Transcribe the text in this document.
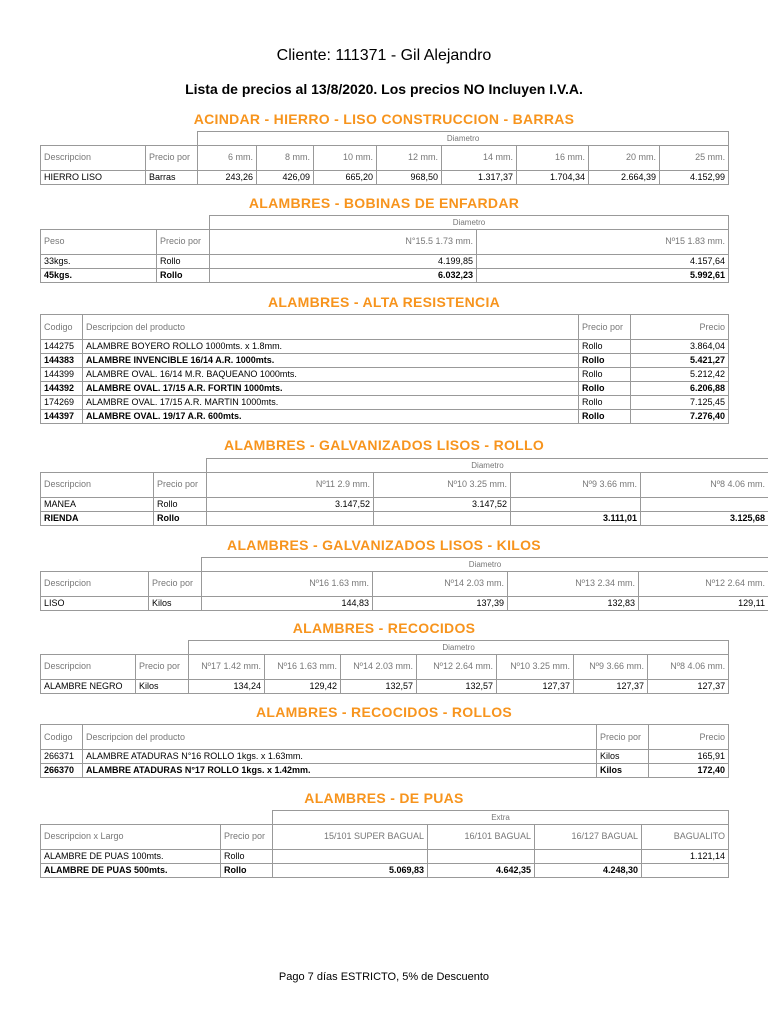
Cliente: 111371 - Gil Alejandro
Lista de precios al 13/8/2020. Los precios NO Incluyen I.V.A.
ACINDAR - HIERRO - LISO CONSTRUCCION - BARRAS
		Diametro							
Descripcion	Precio por	6 mm.	8 mm.	10 mm.	12 mm.	14 mm.	16 mm.	20 mm.	25 mm.
HIERRO LISO	Barras	243,26	426,09	665,20	968,50	1.317,37	1.704,34	2.664,39	4.152,99
ALAMBRES - BOBINAS DE ENFARDAR
		Diametro	
Peso	Precio por	N°15.5 1.73 mm.	Nº15 1.83 mm.
33kgs.	Rollo	4.199,85	4.157,64
45kgs.	Rollo	6.032,23	5.992,61
ALAMBRES - ALTA RESISTENCIA
Codigo	Descripcion del producto	Precio por	Precio
144275	ALAMBRE BOYERO ROLLO 1000mts. x 1.8mm.	Rollo	3.864,04
144383	ALAMBRE INVENCIBLE 16/14 A.R. 1000mts.	Rollo	5.421,27
144399	ALAMBRE OVAL. 16/14 M.R. BAQUEANO 1000mts.	Rollo	5.212,42
144392	ALAMBRE OVAL. 17/15 A.R. FORTIN 1000mts.	Rollo	6.206,88
174269	ALAMBRE OVAL. 17/15 A.R. MARTIN 1000mts.	Rollo	7.125,45
144397	ALAMBRE OVAL. 19/17 A.R. 600mts.	Rollo	7.276,40
ALAMBRES - GALVANIZADOS LISOS - ROLLO
		Diametro			
Descripcion	Precio por	Nº11 2.9 mm.	Nº10 3.25 mm.	Nº9 3.66 mm.	Nº8 4.06 mm.
MANEA	Rollo	3.147,52	3.147,52		
RIENDA	Rollo			3.111,01	3.125,68
ALAMBRES - GALVANIZADOS LISOS - KILOS
		Diametro			
Descripcion	Precio por	Nº16 1.63 mm.	Nº14 2.03 mm.	Nº13 2.34 mm.	Nº12 2.64 mm.
LISO	Kilos	144,83	137,39	132,83	129,11
ALAMBRES - RECOCIDOS
		Diametro						
Descripcion	Precio por	Nº17 1.42 mm.	Nº16 1.63 mm.	Nº14 2.03 mm.	Nº12 2.64 mm.	Nº10 3.25 mm.	Nº9 3.66 mm.	Nº8 4.06 mm.
ALAMBRE NEGRO	Kilos	134,24	129,42	132,57	132,57	127,37	127,37	127,37
ALAMBRES - RECOCIDOS - ROLLOS
Codigo	Descripcion del producto	Precio por	Precio
266371	ALAMBRE ATADURAS N°16 ROLLO 1kgs. x 1.63mm.	Kilos	165,91
266370	ALAMBRE ATADURAS N°17 ROLLO 1kgs. x 1.42mm.	Kilos	172,40
ALAMBRES - DE PUAS
		Extra			
Descripcion x Largo	Precio por	15/101 SUPER BAGUAL	16/101 BAGUAL	16/127 BAGUAL	BAGUALITO
ALAMBRE DE PUAS 100mts.	Rollo				1.121,14
ALAMBRE DE PUAS 500mts.	Rollo	5.069,83	4.642,35	4.248,30	
Pago 7 días ESTRICTO, 5% de Descuento
